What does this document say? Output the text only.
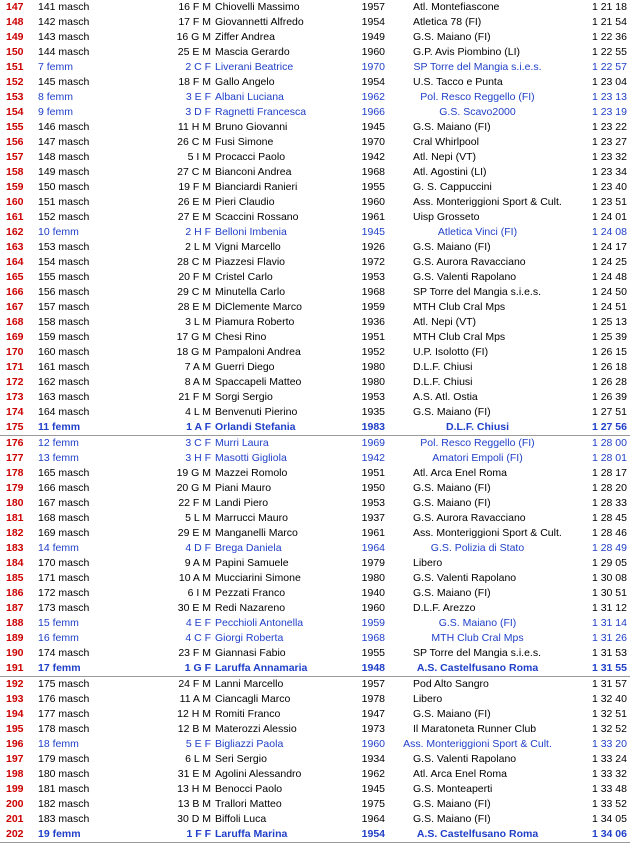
147	141 masch	16 F M	Chiovelli Massimo	1957	Atl. Montefiascone	1 21 18
148	142 masch	17 F M	Giovannetti Alfredo	1954	Atletica 78 (FI)	1 21 54
149	143 masch	16 G M	Ziffer Andrea	1949	G.S. Maiano (FI)	1 22 36
150	144 masch	25 E M	Mascia Gerardo	1960	G.P. Avis Piombino (LI)	1 22 55
151	7 femm	2 C F	Liverani Beatrice	1970	SP Torre del Mangia s.i.e.s.	1 22 57
152	145 masch	18 F M	Gallo Angelo	1954	U.S. Tacco e Punta	1 23 04
153	8 femm	3 E F	Albani Luciana	1962	Pol. Resco Reggello (FI)	1 23 13
154	9 femm	3 D F	Ragnetti Francesca	1966	G.S. Scavo2000	1 23 19
155	146 masch	11 H M	Bruno Giovanni	1945	G.S. Maiano (FI)	1 23 22
156	147 masch	26 C M	Fusi Simone	1970	Cral Whirlpool	1 23 27
157	148 masch	5 I M	Procacci Paolo	1942	Atl. Nepi (VT)	1 23 32
158	149 masch	27 C M	Bianconi Andrea	1968	Atl. Agostini (LI)	1 23 34
159	150 masch	19 F M	Bianciardi Ranieri	1955	G. S. Cappuccini	1 23 40
160	151 masch	26 E M	Pieri Claudio	1960	Ass. Monteriggioni Sport & Cult.	1 23 51
161	152 masch	27 E M	Scaccini Rossano	1961	Uisp Grosseto	1 24 01
162	10 femm	2 H F	Belloni Imbenia	1945	Atletica Vinci (FI)	1 24 08
163	153 masch	2 L M	Vigni Marcello	1926	G.S. Maiano (FI)	1 24 17
164	154 masch	28 C M	Piazzesi Flavio	1972	G.S. Aurora Ravacciano	1 24 25
165	155 masch	20 F M	Cristel Carlo	1953	G.S. Valenti Rapolano	1 24 48
166	156 masch	29 C M	Minutella Carlo	1968	SP Torre del Mangia s.i.e.s.	1 24 50
167	157 masch	28 E M	DiClemente Marco	1959	MTH Club Cral Mps	1 24 51
168	158 masch	3 L M	Piamura Roberto	1936	Atl. Nepi (VT)	1 25 13
169	159 masch	17 G M	Chesi Rino	1951	MTH Club Cral Mps	1 25 39
170	160 masch	18 G M	Pampaloni Andrea	1952	U.P. Isolotto (FI)	1 26 15
171	161 masch	7 A M	Guerri Diego	1980	D.L.F. Chiusi	1 26 18
172	162 masch	8 A M	Spaccapeli Matteo	1980	D.L.F. Chiusi	1 26 28
173	163 masch	21 F M	Sorgi Sergio	1953	A.S. Atl. Ostia	1 26 39
174	164 masch	4 L M	Benvenuti Pierino	1935	G.S. Maiano (FI)	1 27 51
175	11 femm	1 A F	Orlandi Stefania	1983	D.L.F. Chiusi	1 27 56
176	12 femm	3 C F	Murri Laura	1969	Pol. Resco Reggello (FI)	1 28 00
177	13 femm	3 H F	Masotti Gigliola	1942	Amatori Empoli (FI)	1 28 01
178	165 masch	19 G M	Mazzei Romolo	1951	Atl. Arca Enel Roma	1 28 17
179	166 masch	20 G M	Piani Mauro	1950	G.S. Maiano (FI)	1 28 20
180	167 masch	22 F M	Landi Piero	1953	G.S. Maiano (FI)	1 28 33
181	168 masch	5 L M	Marrucci Mauro	1937	G.S. Aurora Ravacciano	1 28 45
182	169 masch	29 E M	Manganelli Marco	1961	Ass. Monteriggioni Sport & Cult.	1 28 46
183	14 femm	4 D F	Brega Daniela	1964	G.S. Polizia di Stato	1 28 49
184	170 masch	9 A M	Papini Samuele	1979	Libero	1 29 05
185	171 masch	10 A M	Mucciarini Simone	1980	G.S. Valenti Rapolano	1 30 08
186	172 masch	6 I M	Pezzati Franco	1940	G.S. Maiano (FI)	1 30 51
187	173 masch	30 E M	Redi Nazareno	1960	D.L.F. Arezzo	1 31 12
188	15 femm	4 E F	Pecchioli Antonella	1959	G.S. Maiano (FI)	1 31 14
189	16 femm	4 C F	Giorgi Roberta	1968	MTH Club Cral Mps	1 31 26
190	174 masch	23 F M	Giannasi Fabio	1955	SP Torre del Mangia s.i.e.s.	1 31 53
191	17 femm	1 G F	Laruffa Annamaria	1948	A.S. Castelfusano Roma	1 31 55
192	175 masch	24 F M	Lanni Marcello	1957	Pod Alto Sangro	1 31 57
193	176 masch	11 A M	Ciancagli Marco	1978	Libero	1 32 40
194	177 masch	12 H M	Romiti Franco	1947	G.S. Maiano (FI)	1 32 51
195	178 masch	12 B M	Materozzi Alessio	1973	Il Maratoneta Runner Club	1 32 52
196	18 femm	5 E F	Bigliazzi Paola	1960	Ass. Monteriggioni Sport & Cult.	1 33 20
197	179 masch	6 L M	Seri Sergio	1934	G.S. Valenti Rapolano	1 33 24
198	180 masch	31 E M	Agolini Alessandro	1962	Atl. Arca Enel Roma	1 33 32
199	181 masch	13 H M	Benocci Paolo	1945	G.S. Monteaperti	1 33 48
200	182 masch	13 B M	Trallori Matteo	1975	G.S. Maiano (FI)	1 33 52
201	183 masch	30 D M	Biffoli Luca	1964	G.S. Maiano (FI)	1 34 05
202	19 femm	1 F F	Laruffa Marina	1954	A.S. Castelfusano Roma	1 34 06
